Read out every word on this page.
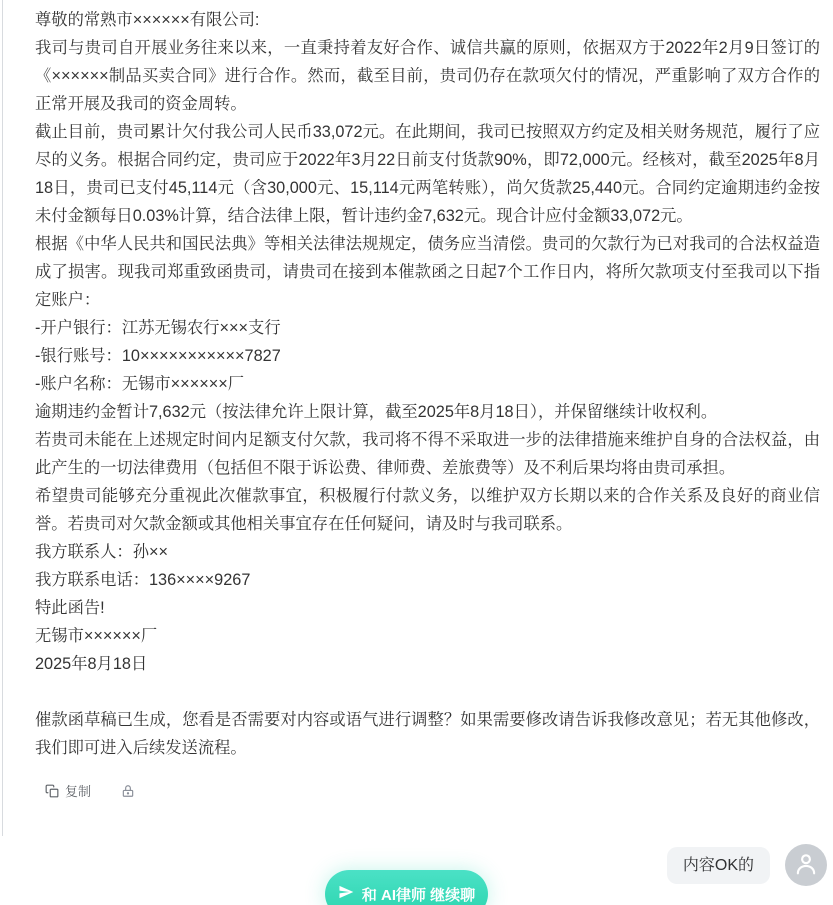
尊敬的常熟市××××××有限公司:

我司与贵司自开展业务往来以来，一直秉持着友好合作、诚信共赢的原则，依据双方于2022年2月9日签订的《××××××制品买卖合同》进行合作。然而，截至目前，贵司仍存在款项欠付的情况，严重影响了双方合作的正常开展及我司的资金周转。

截止目前，贵司累计欠付我公司人民币33,072元。在此期间，我司已按照双方约定及相关财务规范，履行了应尽的义务。根据合同约定，贵司应于2022年3月22日前支付货款90%，即72,000元。经核对，截至2025年8月18日，贵司已支付45,114元（含30,000元、15,114元两笔转账），尚欠货款25,440元。合同约定逾期违约金按未付金额每日0.03%计算，结合法律上限，暂计违约金7,632元。现合计应付金额33,072元。

根据《中华人民共和国民法典》等相关法律法规规定，债务应当清偿。贵司的欠款行为已对我司的合法权益造成了损害。现我司郑重致函贵司，请贵司在接到本催款函之日起7个工作日内，将所欠款项支付至我司以下指定账户：

-开户银行：江苏无锡农行×××支行

-银行账号：10×××××××××××7827

-账户名称：无锡市××××××厂

逾期违约金暂计7,632元（按法律允许上限计算，截至2025年8月18日），并保留继续计收权利。

若贵司未能在上述规定时间内足额支付欠款，我司将不得不采取进一步的法律措施来维护自身的合法权益，由此产生的一切法律费用（包括但不限于诉讼费、律师费、差旅费等）及不利后果均将由贵司承担。

希望贵司能够充分重视此次催款事宜，积极履行付款义务，以维护双方长期以来的合作关系及良好的商业信誉。若贵司对欠款金额或其他相关事宜存在任何疑问，请及时与我司联系。

我方联系人：孙××

我方联系电话：136××××9267

特此函告!

无锡市××××××厂

2025年8月18日

催款函草稿已生成，您看是否需要对内容或语气进行调整？如果需要修改请告诉我修改意见；若无其他修改，我们即可进入后续发送流程。

复制
内容OK的
和 AI律师 继续聊
